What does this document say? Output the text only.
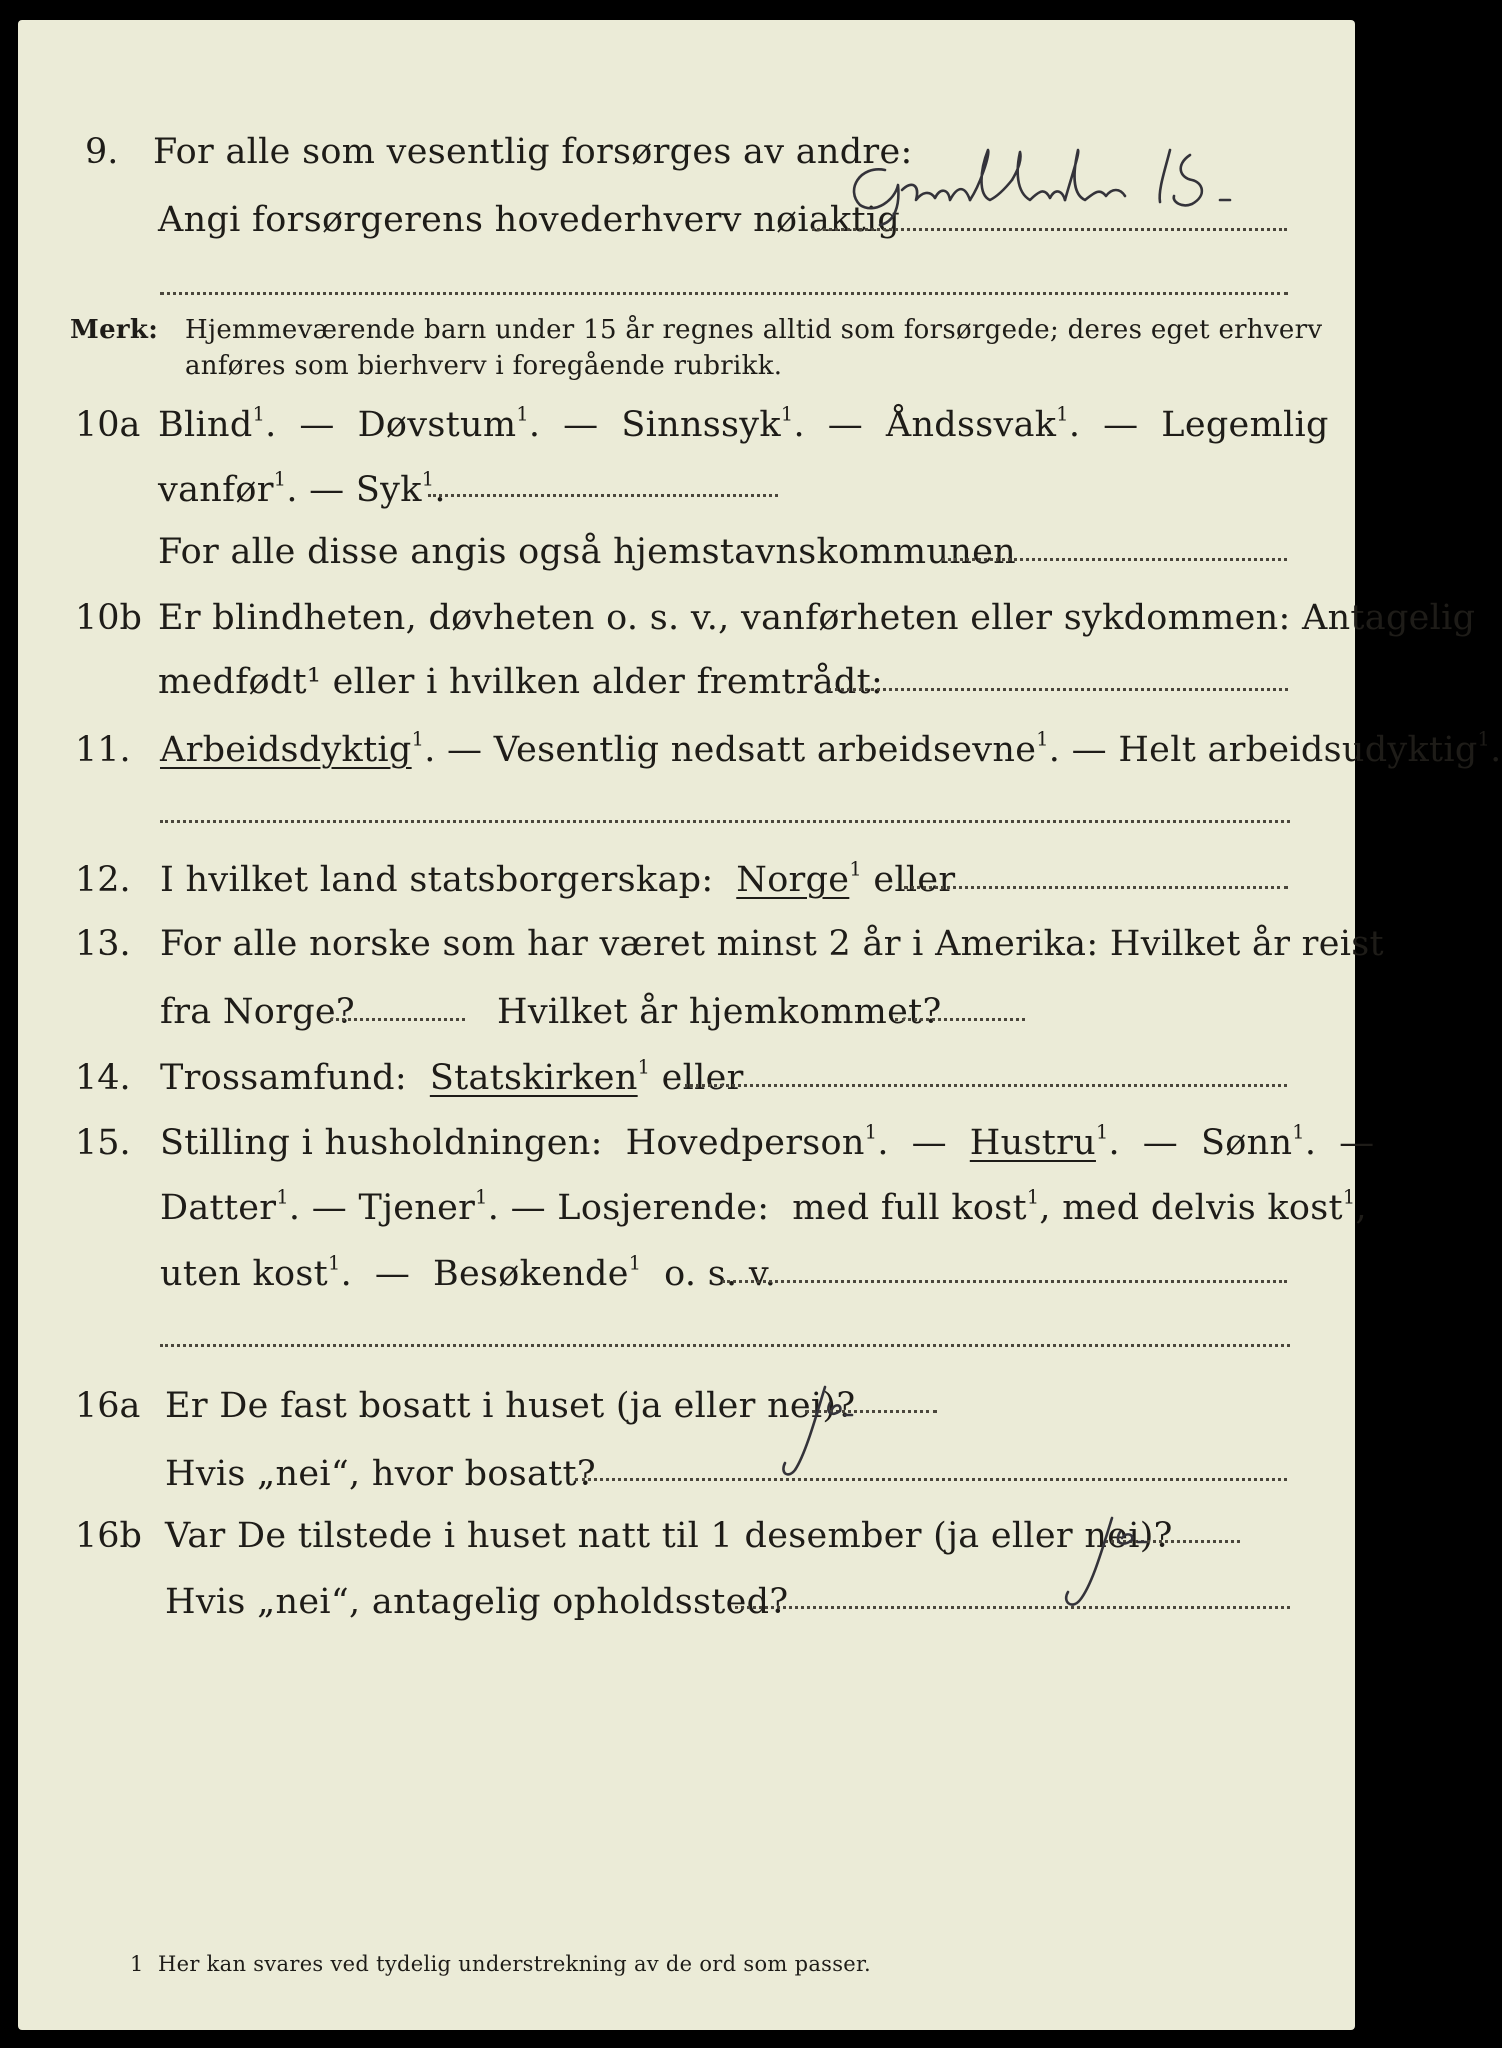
9. For alle som vesentlig forsørges av andre:
Angi forsørgerens hovederhverv nøiaktig
Merk: Hjemmeværende barn under 15 år regnes alltid som forsørgede; deres eget erhverv
anføres som bierhverv i foregående rubrikk.
10a Blind$^1$.  —  Døvstum$^1$.  —  Sinnssyk$^1$.  —  Åndssvak$^1$.  —  Legemlig
vanfør$^1$. — Syk$^1$.
For alle disse angis også hjemstavnskommunen
10b Er blindheten, døvheten o. s. v., vanførheten eller sykdommen: Antagelig
medfødt¹ eller i hvilken alder fremtrådt:
11. Arbeidsdyktig$^1$. — Vesentlig nedsatt arbeidsevne$^1$. — Helt arbeidsudyktig$^1$.
12. I hvilket land statsborgerskap: Norge$^1$ eller
13. For alle norske som har været minst 2 år i Amerika: Hvilket år reist
fra Norge?	Hvilket år hjemkommet?
14. Trossamfund: Statskirken$^1$ eller
15. Stilling i husholdningen: Hovedperson$^1$.  —  Hustru$^1$.  —  Sønn$^1$.  —
Datter$^1$. — Tjener$^1$. — Losjerende: med full kost$^1$, med delvis kost$^1$,
uten kost$^1$.  —  Besøkende$^1$ o. s. v.
16a Er De fast bosatt i huset (ja eller nei)?
Hvis „nei“, hvor bosatt?
16b Var De tilstede i huset natt til 1 desember (ja eller nei)?
Hvis „nei“, antagelig opholdssted?
1 Her kan svares ved tydelig understrekning av de ord som passer.
